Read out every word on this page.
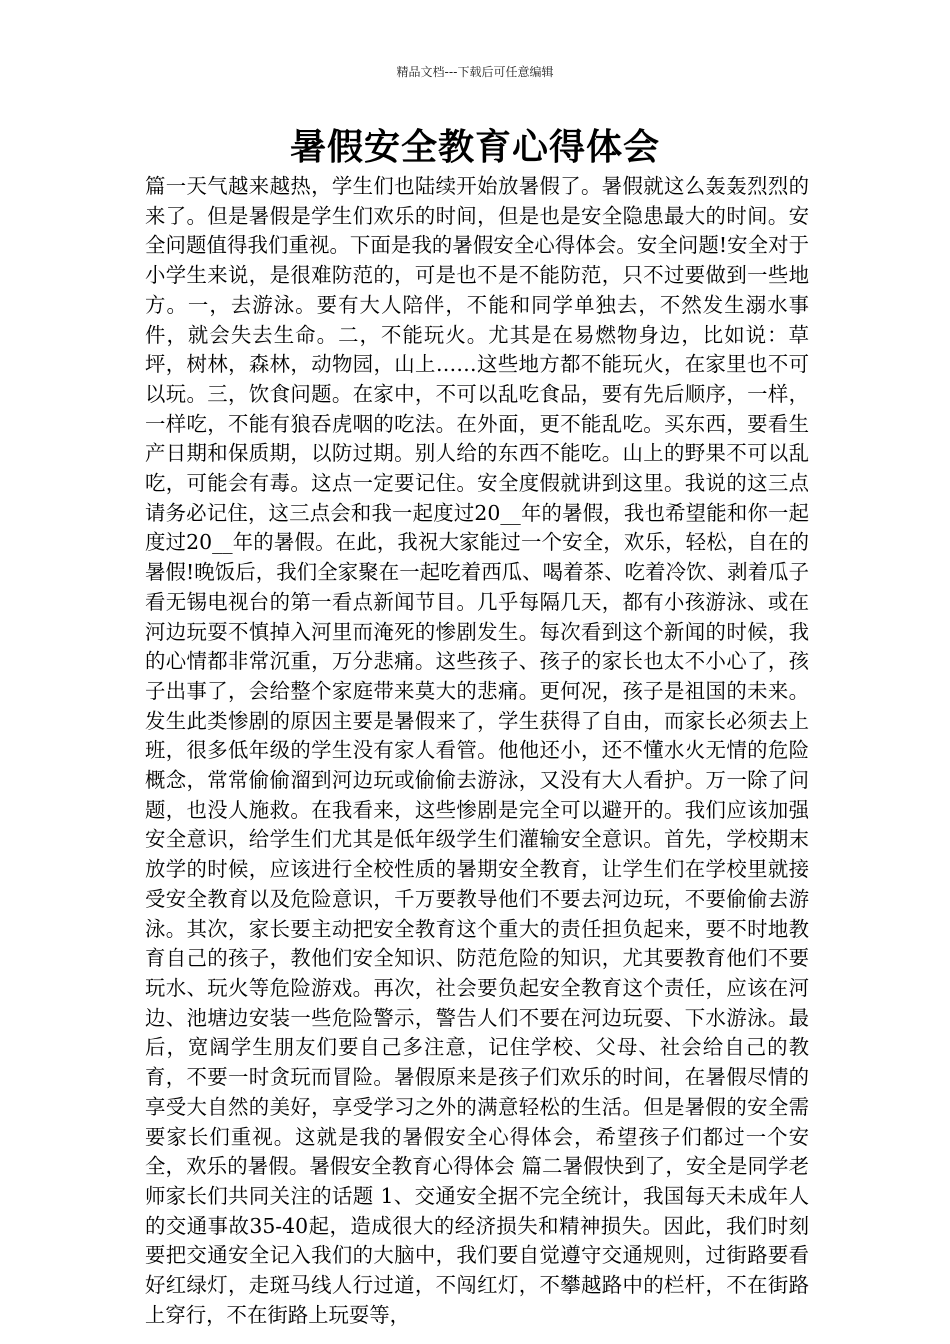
精品文档---下载后可任意编辑
暑假安全教育心得体会

篇一天气越来越热，学生们也陆续开始放暑假了。暑假就这么轰轰烈烈的来了。但是暑假是学生们欢乐的时间，但是也是安全隐患最大的时间。安全问题值得我们重视。下面是我的暑假安全心得体会。安全问题!安全对于小学生来说，是很难防范的，可是也不是不能防范，只不过要做到一些地方。一，去游泳。要有大人陪伴，不能和同学单独去，不然发生溺水事件，就会失去生命。二，不能玩火。尤其是在易燃物身边，比如说：草坪，树林，森林，动物园，山上……这些地方都不能玩火，在家里也不可以玩。三，饮食问题。在家中，不可以乱吃食品，要有先后顺序，一样，一样吃，不能有狼吞虎咽的吃法。在外面，更不能乱吃。买东西，要看生产日期和保质期，以防过期。别人给的东西不能吃。山上的野果不可以乱吃，可能会有毒。这点一定要记住。安全度假就讲到这里。我说的这三点请务必记住，这三点会和我一起度过20__年的暑假，我也希望能和你一起度过20__年的暑假。在此，我祝大家能过一个安全，欢乐，轻松，自在的暑假!晚饭后，我们全家聚在一起吃着西瓜、喝着茶、吃着冷饮、剥着瓜子看无锡电视台的第一看点新闻节目。几乎每隔几天，都有小孩游泳、或在河边玩耍不慎掉入河里而淹死的惨剧发生。每次看到这个新闻的时候，我的心情都非常沉重，万分悲痛。这些孩子、孩子的家长也太不小心了，孩子出事了，会给整个家庭带来莫大的悲痛。更何况，孩子是祖国的未来。发生此类惨剧的原因主要是暑假来了，学生获得了自由，而家长必须去上班，很多低年级的学生没有家人看管。他他还小，还不懂水火无情的危险概念，常常偷偷溜到河边玩或偷偷去游泳，又没有大人看护。万一除了问题，也没人施救。在我看来，这些惨剧是完全可以避开的。我们应该加强安全意识，给学生们尤其是低年级学生们灌输安全意识。首先，学校期末放学的时候，应该进行全校性质的暑期安全教育，让学生们在学校里就接受安全教育以及危险意识，千万要教导他们不要去河边玩，不要偷偷去游泳。其次，家长要主动把安全教育这个重大的责任担负起来，要不时地教育自己的孩子，教他们安全知识、防范危险的知识，尤其要教育他们不要玩水、玩火等危险游戏。再次，社会要负起安全教育这个责任，应该在河边、池塘边安装一些危险警示，警告人们不要在河边玩耍、下水游泳。最后，宽阔学生朋友们要自己多注意，记住学校、父母、社会给自己的教育，不要一时贪玩而冒险。暑假原来是孩子们欢乐的时间，在暑假尽情的享受大自然的美好，享受学习之外的满意轻松的生活。但是暑假的安全需要家长们重视。这就是我的暑假安全心得体会，希望孩子们都过一个安全，欢乐的暑假。暑假安全教育心得体会 篇二暑假快到了，安全是同学老师家长们共同关注的话题 1、交通安全据不完全统计，我国每天未成年人的交通事故35-40起，造成很大的经济损失和精神损失。因此，我们时刻要把交通安全记入我们的大脑中，我们要自觉遵守交通规则，过街路要看好红绿灯，走斑马线人行过道，不闯红灯，不攀越路中的栏杆，不在街路上穿行，不在街路上玩耍等，
